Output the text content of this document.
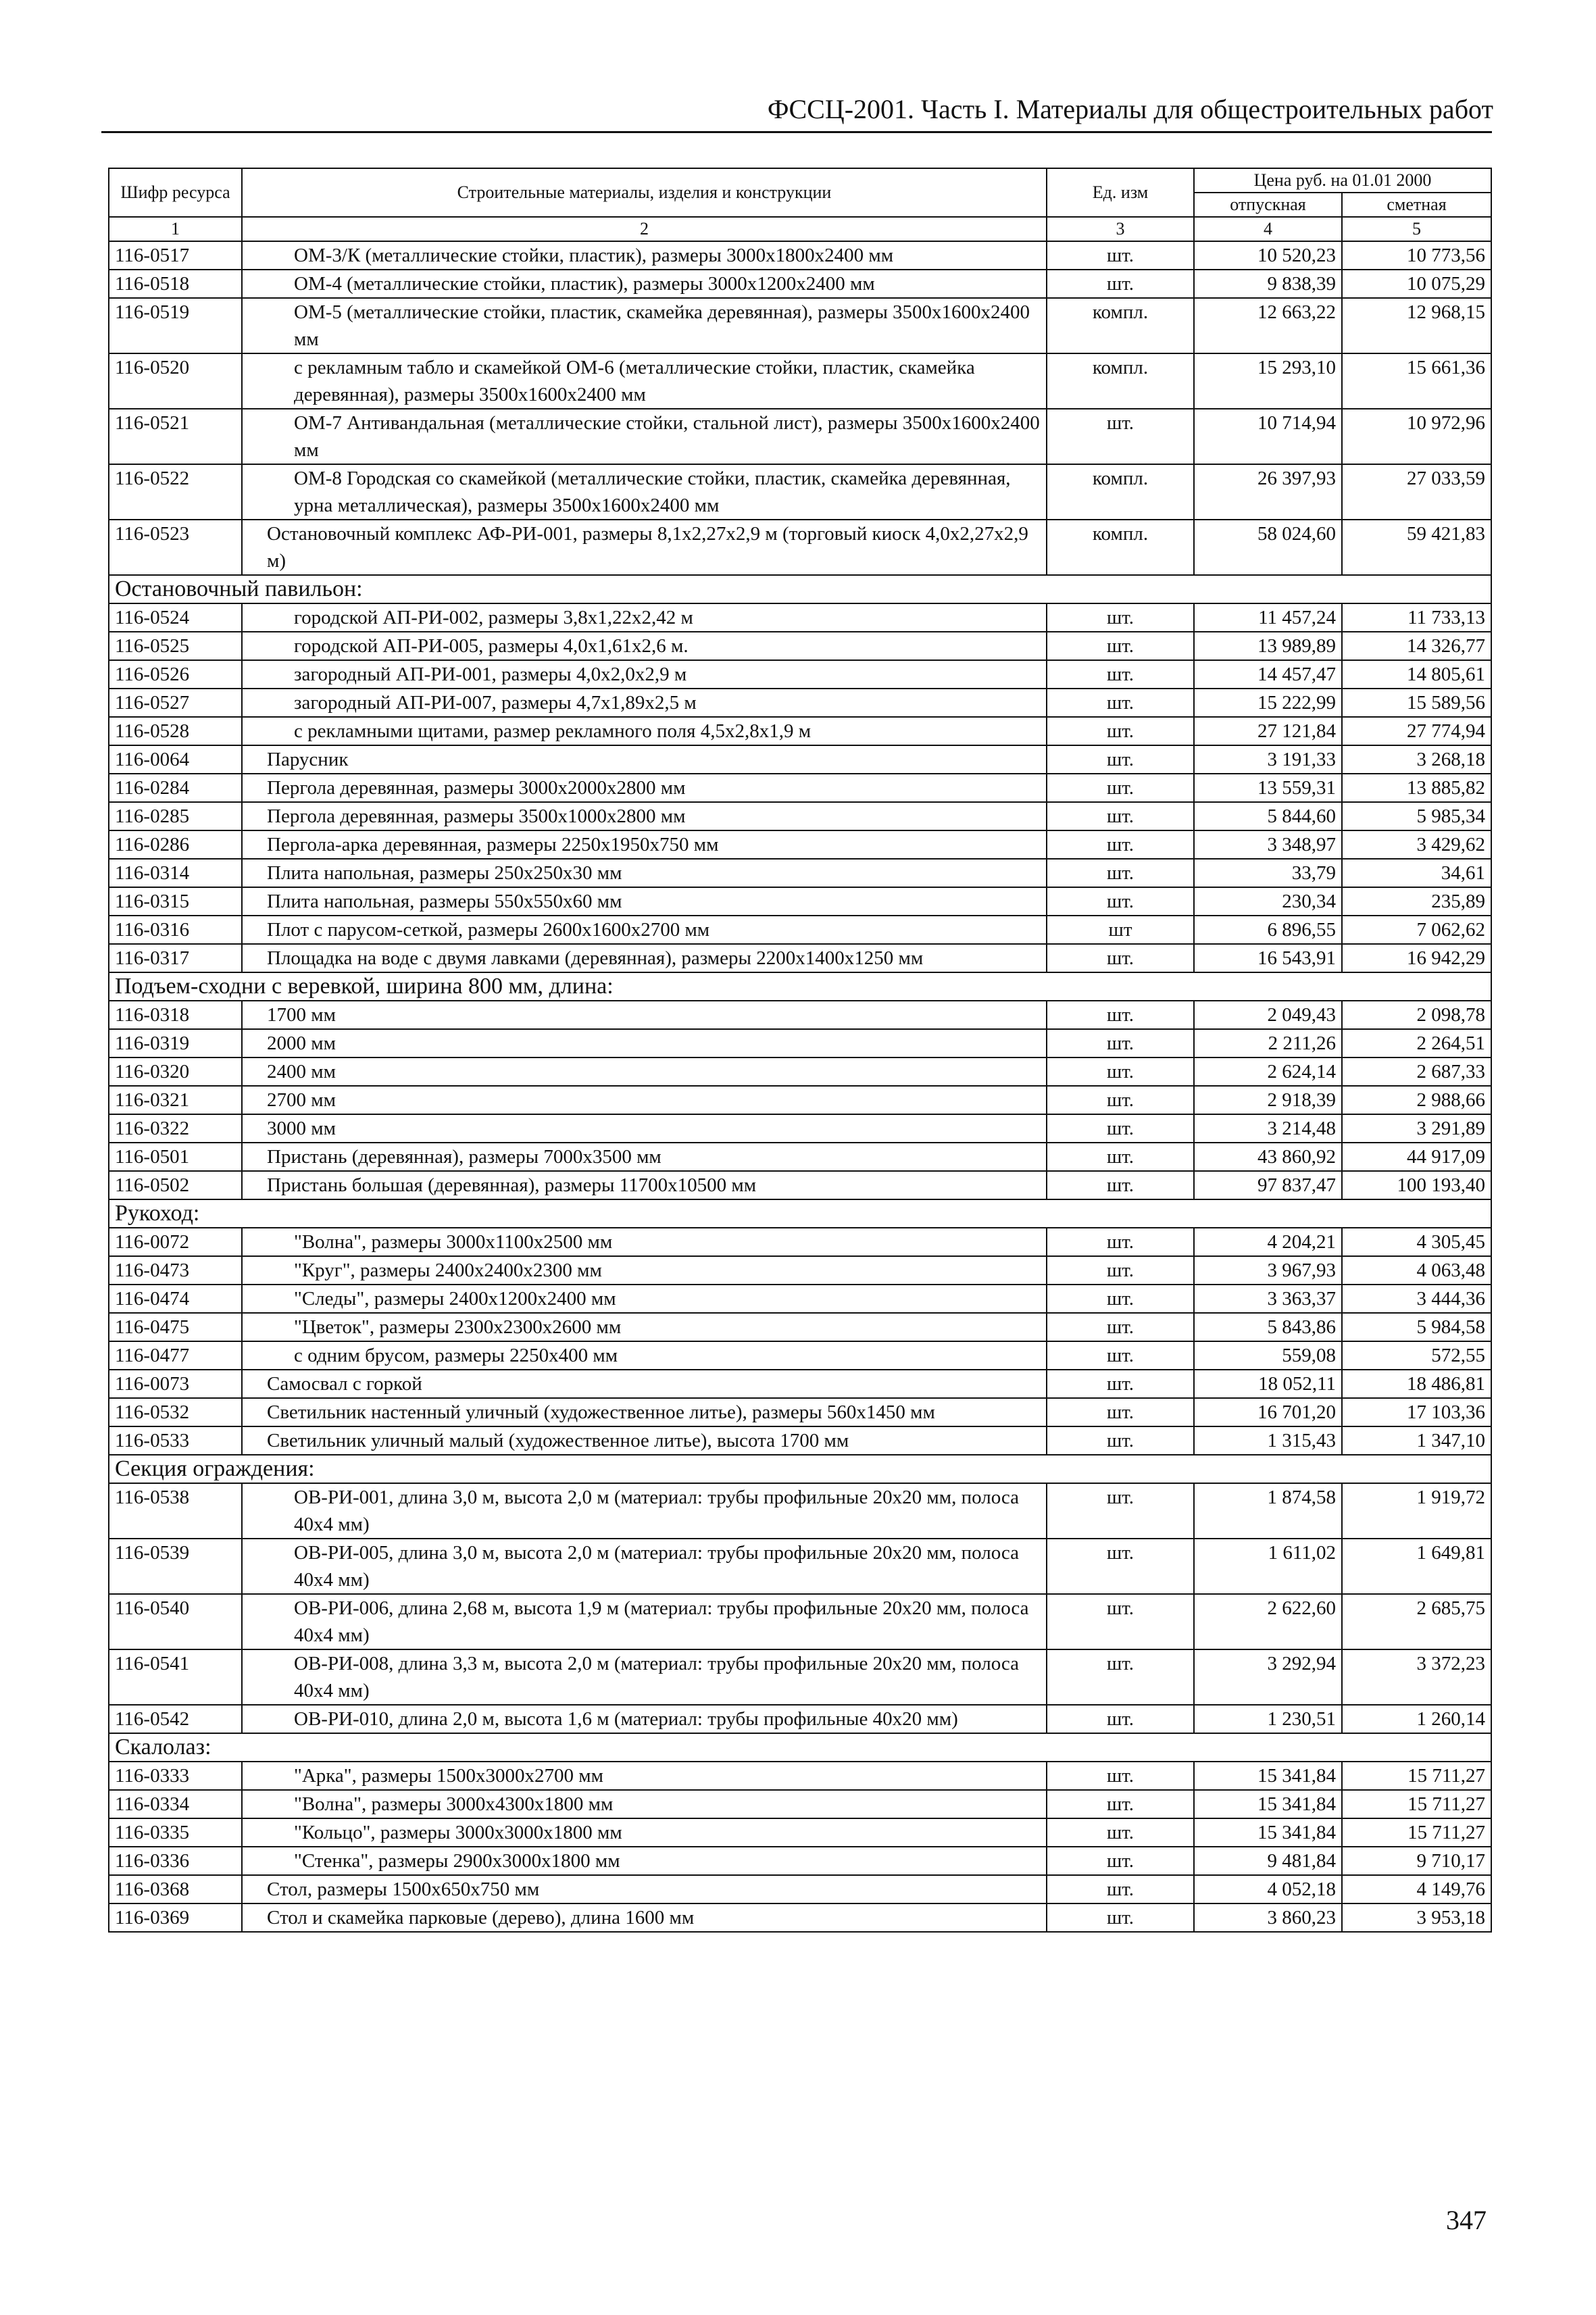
ФССЦ-2001. Часть I. Материалы для общестроительных работ
Шифр ресурса	Строительные материалы, изделия и конструкции	Ед. изм	Цена руб. на 01.01 2000	
			отпускная	сметная
1	2	3	4	5
116-0517	ОМ-3/К (металлические стойки, пластик), размеры 3000х1800х2400 мм	шт.	10 520,23	10 773,56
116-0518	ОМ-4 (металлические стойки, пластик), размеры 3000х1200х2400 мм	шт.	9 838,39	10 075,29
116-0519	ОМ-5 (металлические стойки, пластик, скамейка деревянная), размеры 3500х1600х2400 мм	компл.	12 663,22	12 968,15
116-0520	с рекламным табло и скамейкой ОМ-6 (металлические стойки, пластик, скамейка деревянная), размеры 3500х1600х2400 мм	компл.	15 293,10	15 661,36
116-0521	ОМ-7 Антивандальная (металлические стойки, стальной лист), размеры 3500х1600х2400 мм	шт.	10 714,94	10 972,96
116-0522	ОМ-8 Городская со скамейкой (металлические стойки, пластик, скамейка деревянная, урна металлическая), размеры 3500х1600х2400 мм	компл.	26 397,93	27 033,59
116-0523	Остановочный комплекс АФ-РИ-001, размеры 8,1х2,27х2,9 м (торговый киоск 4,0х2,27х2,9 м)	компл.	58 024,60	59 421,83
Остановочный павильон:				
116-0524	городской АП-РИ-002, размеры 3,8х1,22х2,42 м	шт.	11 457,24	11 733,13
116-0525	городской АП-РИ-005, размеры 4,0х1,61х2,6 м.	шт.	13 989,89	14 326,77
116-0526	загородный АП-РИ-001, размеры 4,0х2,0х2,9 м	шт.	14 457,47	14 805,61
116-0527	загородный АП-РИ-007, размеры 4,7х1,89х2,5 м	шт.	15 222,99	15 589,56
116-0528	с рекламными щитами, размер рекламного поля 4,5х2,8х1,9 м	шт.	27 121,84	27 774,94
116-0064	Парусник	шт.	3 191,33	3 268,18
116-0284	Пергола деревянная, размеры 3000х2000х2800 мм	шт.	13 559,31	13 885,82
116-0285	Пергола деревянная, размеры 3500х1000х2800 мм	шт.	5 844,60	5 985,34
116-0286	Пергола-арка деревянная, размеры 2250х1950х750 мм	шт.	3 348,97	3 429,62
116-0314	Плита напольная, размеры 250х250х30 мм	шт.	33,79	34,61
116-0315	Плита напольная, размеры 550х550х60 мм	шт.	230,34	235,89
116-0316	Плот с парусом-сеткой, размеры 2600х1600х2700 мм	шт	6 896,55	7 062,62
116-0317	Площадка на воде с двумя лавками (деревянная), размеры 2200х1400х1250 мм	шт.	16 543,91	16 942,29
Подъем-сходни с веревкой, ширина 800 мм, длина:				
116-0318	1700 мм	шт.	2 049,43	2 098,78
116-0319	2000 мм	шт.	2 211,26	2 264,51
116-0320	2400 мм	шт.	2 624,14	2 687,33
116-0321	2700 мм	шт.	2 918,39	2 988,66
116-0322	3000 мм	шт.	3 214,48	3 291,89
116-0501	Пристань (деревянная), размеры 7000х3500 мм	шт.	43 860,92	44 917,09
116-0502	Пристань большая (деревянная), размеры 11700х10500 мм	шт.	97 837,47	100 193,40
Рукоход:				
116-0072	"Волна", размеры 3000х1100х2500 мм	шт.	4 204,21	4 305,45
116-0473	"Круг", размеры 2400х2400х2300 мм	шт.	3 967,93	4 063,48
116-0474	"Следы", размеры 2400х1200х2400 мм	шт.	3 363,37	3 444,36
116-0475	"Цветок", размеры 2300х2300х2600 мм	шт.	5 843,86	5 984,58
116-0477	с одним брусом, размеры 2250х400 мм	шт.	559,08	572,55
116-0073	Самосвал с горкой	шт.	18 052,11	18 486,81
116-0532	Светильник настенный уличный (художественное литье), размеры 560х1450 мм	шт.	16 701,20	17 103,36
116-0533	Светильник уличный малый (художественное литье), высота 1700 мм	шт.	1 315,43	1 347,10
Секция ограждения:				
116-0538	ОВ-РИ-001, длина 3,0 м, высота 2,0 м (материал: трубы профильные 20х20 мм, полоса 40х4 мм)	шт.	1 874,58	1 919,72
116-0539	ОВ-РИ-005, длина 3,0 м, высота 2,0 м (материал: трубы профильные 20х20 мм, полоса 40х4 мм)	шт.	1 611,02	1 649,81
116-0540	ОВ-РИ-006, длина 2,68 м, высота 1,9 м (материал: трубы профильные 20х20 мм, полоса 40х4 мм)	шт.	2 622,60	2 685,75
116-0541	ОВ-РИ-008, длина 3,3 м, высота 2,0 м (материал: трубы профильные 20х20 мм, полоса 40х4 мм)	шт.	3 292,94	3 372,23
116-0542	ОВ-РИ-010, длина 2,0 м, высота 1,6 м (материал: трубы профильные 40х20 мм)	шт.	1 230,51	1 260,14
Скалолаз:				
116-0333	"Арка", размеры 1500х3000х2700 мм	шт.	15 341,84	15 711,27
116-0334	"Волна", размеры 3000х4300х1800 мм	шт.	15 341,84	15 711,27
116-0335	"Кольцо", размеры 3000х3000х1800 мм	шт.	15 341,84	15 711,27
116-0336	"Стенка", размеры 2900х3000х1800 мм	шт.	9 481,84	9 710,17
116-0368	Стол, размеры 1500х650х750 мм	шт.	4 052,18	4 149,76
116-0369	Стол и скамейка парковые (дерево), длина 1600 мм	шт.	3 860,23	3 953,18
347
